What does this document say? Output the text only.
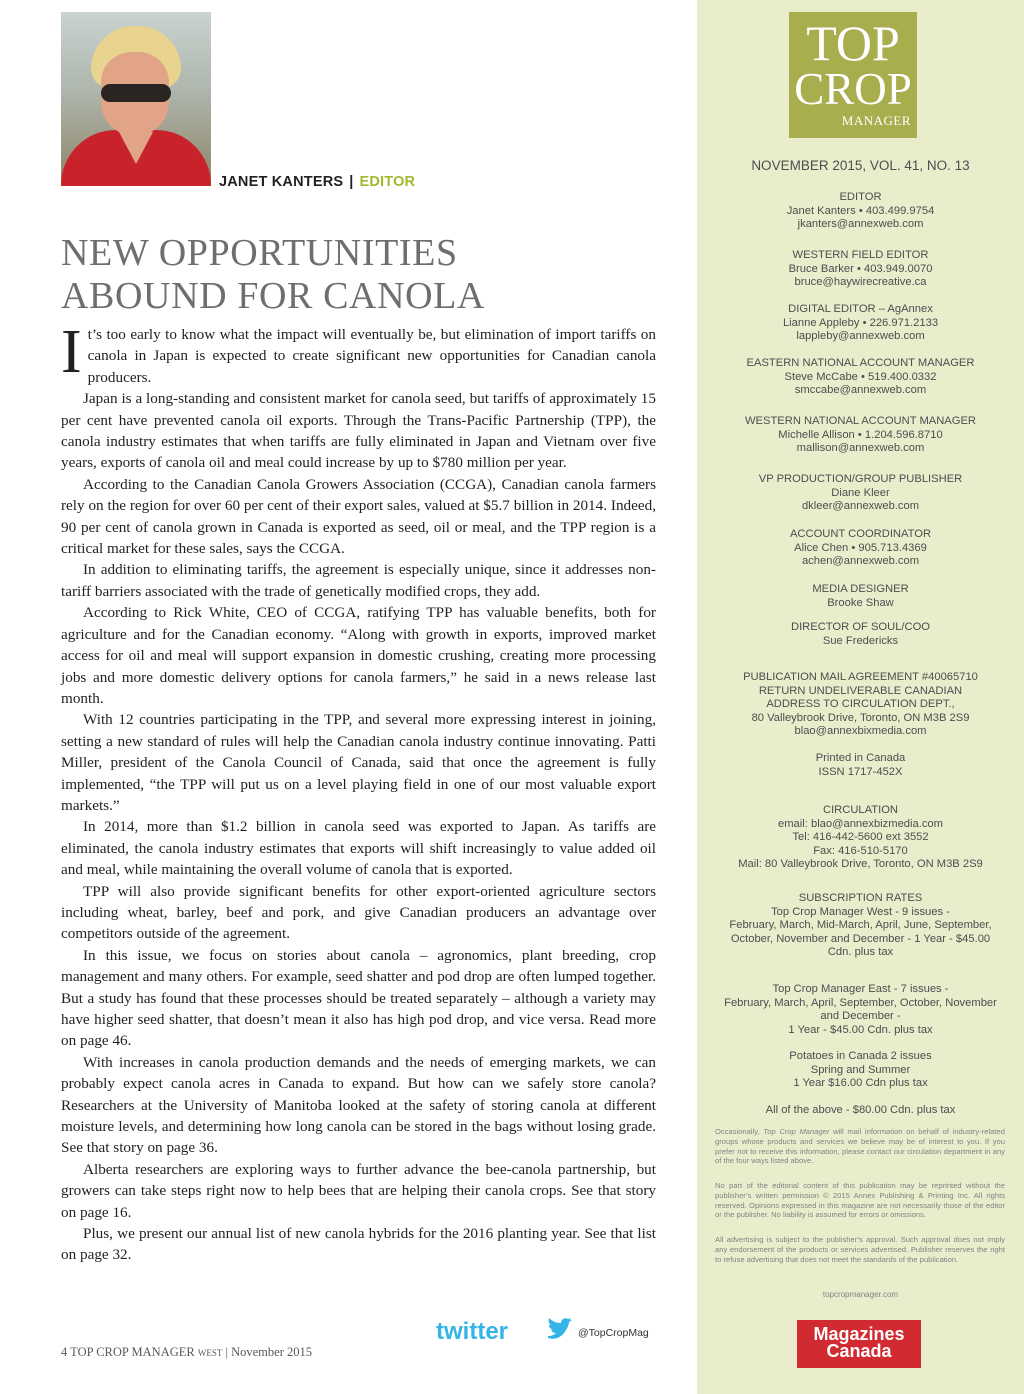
JANET KANTERS | EDITOR
NEW OPPORTUNITIES
ABOUND FOR CANOLA

It’s too early to know what the impact will eventually be, but elimination of import tariffs on canola in Japan is expected to create significant new opportunities for Canadian canola producers.

Japan is a long-standing and consistent market for canola seed, but tariffs of approximately 15 per cent have prevented canola oil exports. Through the Trans-Pacific Partnership (TPP), the canola industry estimates that when tariffs are fully eliminated in Japan and Vietnam over five years, exports of canola oil and meal could increase by up to $780 million per year.

According to the Canadian Canola Growers Association (CCGA), Canadian canola farmers rely on the region for over 60 per cent of their export sales, valued at $5.7 billion in 2014. Indeed, 90 per cent of canola grown in Canada is exported as seed, oil or meal, and the TPP region is a critical market for these sales, says the CCGA.

In addition to eliminating tariffs, the agreement is especially unique, since it addresses non-tariff barriers associated with the trade of genetically modified crops, they add.

According to Rick White, CEO of CCGA, ratifying TPP has valuable benefits, both for agriculture and for the Canadian economy. “Along with growth in exports, improved market access for oil and meal will support expansion in domestic crushing, creating more processing jobs and more domestic delivery options for canola farmers,” he said in a news release last month.

With 12 countries participating in the TPP, and several more expressing interest in joining, setting a new standard of rules will help the Canadian canola industry continue innovating. Patti Miller, president of the Canola Council of Canada, said that once the agreement is fully implemented, “the TPP will put us on a level playing field in one of our most valuable export markets.”

In 2014, more than $1.2 billion in canola seed was exported to Japan. As tariffs are eliminated, the canola industry estimates that exports will shift increasingly to value added oil and meal, while maintaining the overall volume of canola that is exported.

TPP will also provide significant benefits for other export-oriented agriculture sectors including wheat, barley, beef and pork, and give Canadian producers an advantage over competitors outside of the agreement.

In this issue, we focus on stories about canola – agronomics, plant breeding, crop management and many others. For example, seed shatter and pod drop are often lumped together. But a study has found that these processes should be treated separately – although a variety may have higher seed shatter, that doesn’t mean it also has high pod drop, and vice versa. Read more on page 46.

With increases in canola production demands and the needs of emerging markets, we can probably expect canola acres in Canada to expand. But how can we safely store canola? Researchers at the University of Manitoba looked at the safety of storing canola at different moisture levels, and determining how long canola can be stored in the bags without losing grade. See that story on page 36.

Alberta researchers are exploring ways to further advance the bee-canola partnership, but growers can take steps right now to help bees that are helping their canola crops. See that story on page 16.

Plus, we present our annual list of new canola hybrids for the 2016 planting year. See that list on page 32.

twitter	@TopCropMag
4 TOP CROP MANAGER WEST | November 2015
TOP
CROP
MANAGER
NOVEMBER 2015, VOL. 41, NO. 13
EDITOR
Janet Kanters • 403.499.9754
jkanters@annexweb.com
WESTERN FIELD EDITOR
Bruce Barker • 403.949.0070
bruce@haywirecreative.ca
DIGITAL EDITOR – AgAnnex
Lianne Appleby • 226.971.2133
lappleby@annexweb.com
EASTERN NATIONAL ACCOUNT MANAGER
Steve McCabe • 519.400.0332
smccabe@annexweb.com
WESTERN NATIONAL ACCOUNT MANAGER
Michelle Allison • 1.204.596.8710
mallison@annexweb.com
VP PRODUCTION/GROUP PUBLISHER
Diane Kleer
dkleer@annexweb.com
ACCOUNT COORDINATOR
Alice Chen • 905.713.4369
achen@annexweb.com
MEDIA DESIGNER
Brooke Shaw
DIRECTOR OF SOUL/COO
Sue Fredericks
PUBLICATION MAIL AGREEMENT #40065710
RETURN UNDELIVERABLE CANADIAN
ADDRESS TO CIRCULATION DEPT.,
80 Valleybrook Drive, Toronto, ON M3B 2S9
blao@annexbixmedia.com
Printed in Canada
ISSN 1717-452X
CIRCULATION
email: blao@annexbizmedia.com
Tel: 416-442-5600 ext 3552
Fax: 416-510-5170
Mail: 80 Valleybrook Drive, Toronto, ON M3B 2S9
SUBSCRIPTION RATES
Top Crop Manager West - 9 issues -
February, March, Mid-March, April, June, September,
October, November and December - 1 Year - $45.00
Cdn. plus tax
Top Crop Manager East - 7 issues -
February, March, April, September, October, November
and December -
1 Year - $45.00 Cdn. plus tax
Potatoes in Canada 2 issues
Spring and Summer
1 Year $16.00 Cdn plus tax
All of the above - $80.00 Cdn. plus tax
Occasionally, Top Crop Manager will mail information on behalf of industry-related groups whose products and services we believe may be of interest to you. If you prefer not to receive this information, please contact our circulation department in any of the four ways listed above.
No part of the editorial content of this publication may be reprinted without the publisher’s written permission © 2015 Annex Publishing & Printing Inc. All rights reserved. Opinions expressed in this magazine are not necessarily those of the editor or the publisher. No liability is assumed for errors or omissions.
All advertising is subject to the publisher’s approval. Such approval does not imply any endorsement of the products or services advertised. Publisher reserves the right to refuse advertising that does not meet the standards of the publication.
topcropmanager.com
Magazines
Canada
